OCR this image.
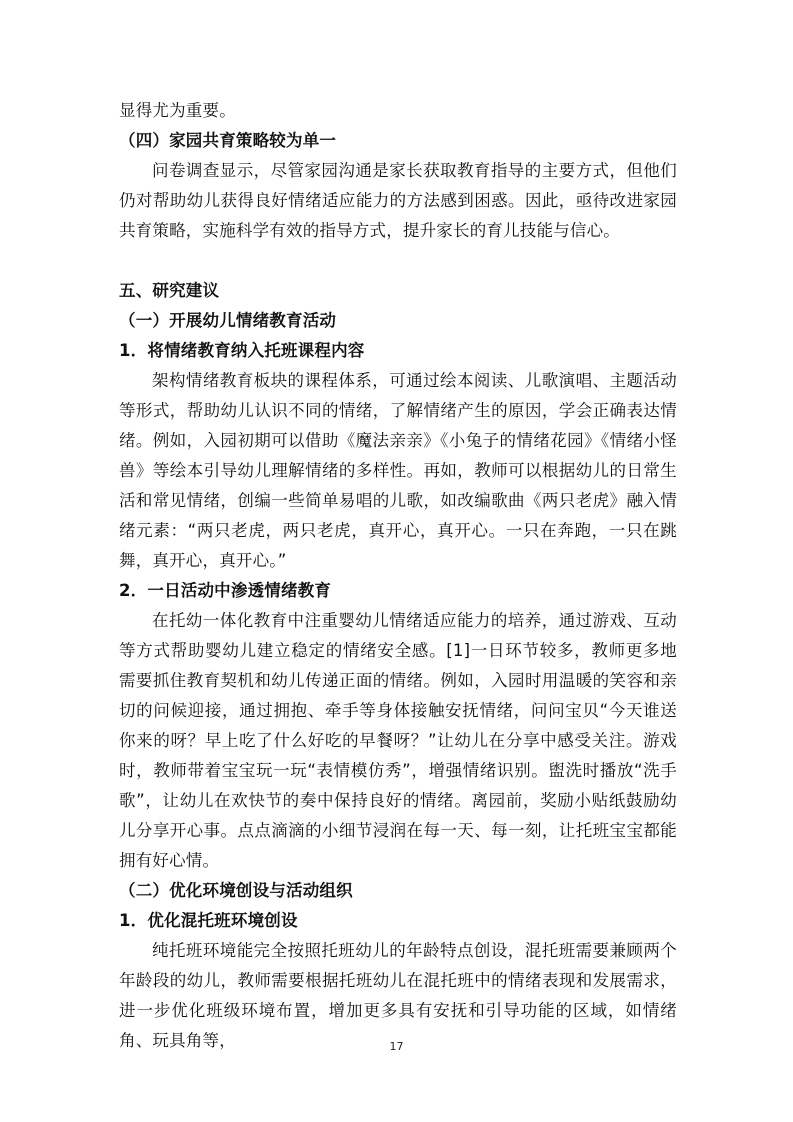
显得尤为重要。

（四）家园共育策略较为单一

问卷调查显示，尽管家园沟通是家长获取教育指导的主要方式，但他们仍对帮助幼儿获得良好情绪适应能力的方法感到困惑。因此，亟待改进家园共育策略，实施科学有效的指导方式，提升家长的育儿技能与信心。

五、研究建议

（一）开展幼儿情绪教育活动

1．将情绪教育纳入托班课程内容

架构情绪教育板块的课程体系，可通过绘本阅读、儿歌演唱、主题活动等形式，帮助幼儿认识不同的情绪，了解情绪产生的原因，学会正确表达情绪。例如，入园初期可以借助《魔法亲亲》《小兔子的情绪花园》《情绪小怪兽》等绘本引导幼儿理解情绪的多样性。再如，教师可以根据幼儿的日常生活和常见情绪，创编一些简单易唱的儿歌，如改编歌曲《两只老虎》融入情绪元素：“两只老虎，两只老虎，真开心，真开心。一只在奔跑，一只在跳舞，真开心，真开心。”

2．一日活动中渗透情绪教育

在托幼一体化教育中注重婴幼儿情绪适应能力的培养，通过游戏、互动等方式帮助婴幼儿建立稳定的情绪安全感。[1]一日环节较多，教师更多地需要抓住教育契机和幼儿传递正面的情绪。例如，入园时用温暖的笑容和亲切的问候迎接，通过拥抱、牵手等身体接触安抚情绪，问问宝贝“今天谁送你来的呀？早上吃了什么好吃的早餐呀？”让幼儿在分享中感受关注。游戏时，教师带着宝宝玩一玩“表情模仿秀”，增强情绪识别。盥洗时播放“洗手歌”，让幼儿在欢快节的奏中保持良好的情绪。离园前，奖励小贴纸鼓励幼儿分享开心事。点点滴滴的小细节浸润在每一天、每一刻，让托班宝宝都能拥有好心情。

（二）优化环境创设与活动组织

1．优化混托班环境创设

纯托班环境能完全按照托班幼儿的年龄特点创设，混托班需要兼顾两个年龄段的幼儿，教师需要根据托班幼儿在混托班中的情绪表现和发展需求，进一步优化班级环境布置，增加更多具有安抚和引导功能的区域，如情绪角、玩具角等，	17
